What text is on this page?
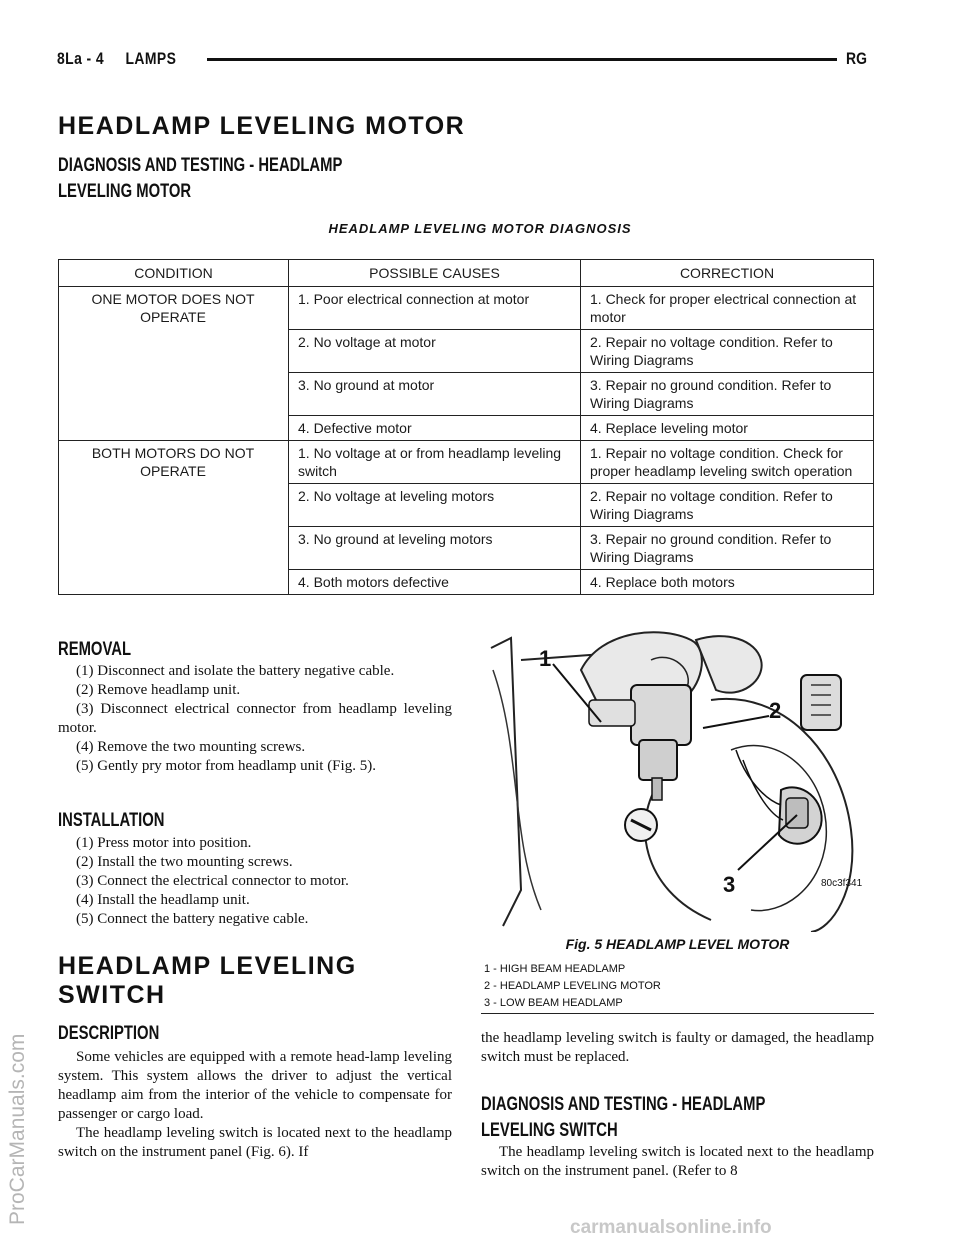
8La - 4     LAMPS	RG
HEADLAMP LEVELING MOTOR
DIAGNOSIS AND TESTING - HEADLAMP
LEVELING MOTOR
HEADLAMP LEVELING MOTOR DIAGNOSIS
CONDITION	POSSIBLE CAUSES	CORRECTION
ONE MOTOR DOES NOT OPERATE	1. Poor electrical connection at motor	1. Check for proper electrical connection at motor
	2. No voltage at motor	2. Repair no voltage condition. Refer to Wiring Diagrams
	3. No ground at motor	3. Repair no ground condition. Refer to Wiring Diagrams
	4. Defective motor	4. Replace leveling motor
BOTH MOTORS DO NOT OPERATE	1. No voltage at or from headlamp leveling switch	1. Repair no voltage condition. Check for proper headlamp leveling switch operation
	2. No voltage at leveling motors	2. Repair no voltage condition. Refer to Wiring Diagrams
	3. No ground at leveling motors	3. Repair no ground condition. Refer to Wiring Diagrams
	4. Both motors defective	4. Replace both motors
REMOVAL

(1) Disconnect and isolate the battery negative cable.

(2) Remove headlamp unit.

(3) Disconnect electrical connector from headlamp leveling motor.

(4) Remove the two mounting screws.

(5) Gently pry motor from headlamp unit (Fig. 5).

INSTALLATION

(1) Press motor into position.

(2) Install the two mounting screws.

(3) Connect the electrical connector to motor.

(4) Install the headlamp unit.

(5) Connect the battery negative cable.

HEADLAMP LEVELING
SWITCH
DESCRIPTION

Some vehicles are equipped with a remote head-lamp leveling system. This system allows the driver to adjust the vertical headlamp aim from the interior of the vehicle to compensate for passenger or cargo load.

The headlamp leveling switch is located next to the headlamp switch on the instrument panel (Fig. 6). If

the headlamp leveling switch is faulty or damaged, the headlamp switch must be replaced.

DIAGNOSIS AND TESTING - HEADLAMP
LEVELING SWITCH

The headlamp leveling switch is located next to the headlamp switch on the instrument panel. (Refer to 8

1
2
3	80c3f341
Fig. 5 HEADLAMP LEVEL MOTOR
1 - HIGH BEAM HEADLAMP
2 - HEADLAMP LEVELING MOTOR
3 - LOW BEAM HEADLAMP
ProCarManuals.com
carmanualsonline.info
